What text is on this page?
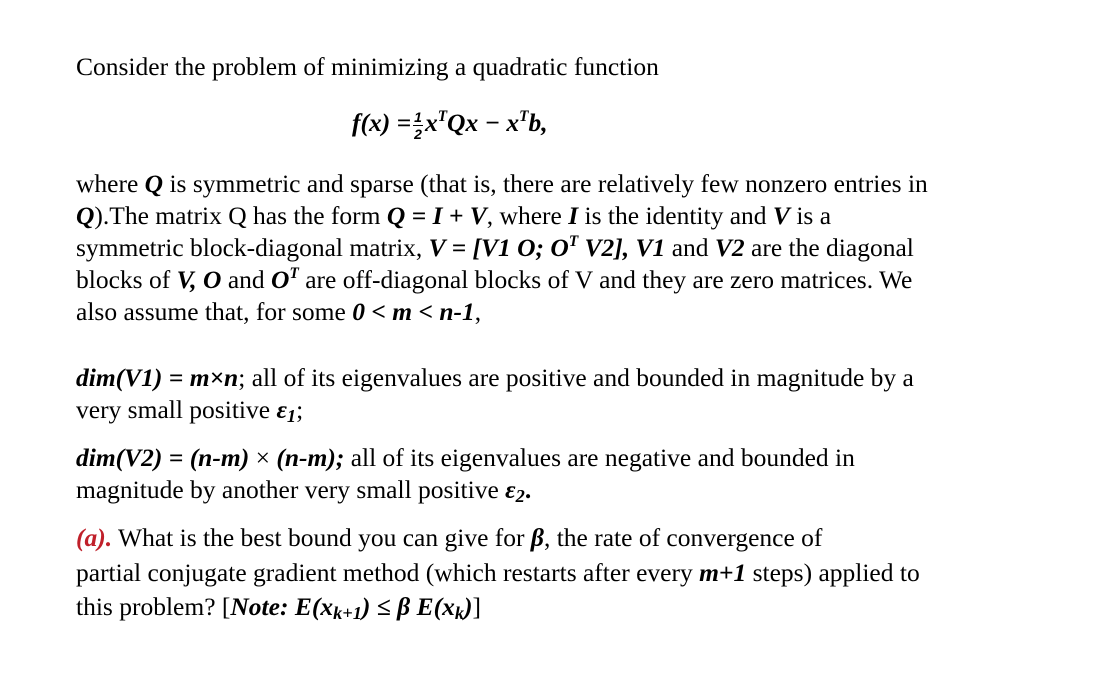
Consider the problem of minimizing a quadratic function
$f(x) = \frac{1}{2} x^TQx - x^Tb$,
where Q is symmetric and sparse (that is, there are relatively few nonzero entries in
Q).The matrix Q has the form Q = I + V, where I is the identity and V is a
symmetric block-diagonal matrix, V = [V1 O; $O^T$ V2], V1 and V2 are the diagonal
blocks of V, O and $O^T$ are off-diagonal blocks of V and they are zero matrices. We
also assume that, for some 0 < m < n-1,
dim(V1) = m×n; all of its eigenvalues are positive and bounded in magnitude by a
very small positive $\varepsilon_1$;
dim(V2) = (n-m) × (n-m); all of its eigenvalues are negative and bounded in
magnitude by another very small positive $\varepsilon_2$.
(a). What is the best bound you can give for β, the rate of convergence of
partial conjugate gradient method (which restarts after every m+1 steps) applied to
this problem? [Note: $E(x_{k+1}) \le \beta$ $E(x_k)$]
